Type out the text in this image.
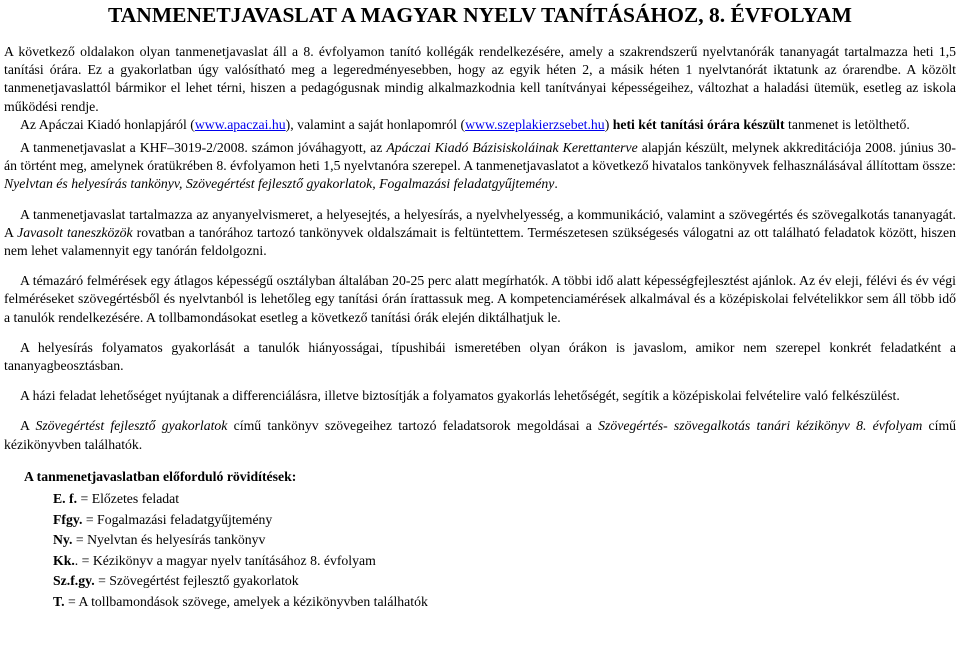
TANMENETJAVASLAT A MAGYAR NYELV TANÍTÁSÁHOZ, 8. ÉVFOLYAM

A következő oldalakon olyan tanmenetjavaslat áll a 8. évfolyamon tanító kollégák rendelkezésére, amely a szakrendszerű nyelvtanórák tananyagát tartalmazza heti 1,5 tanítási órára. Ez a gyakorlatban úgy valósítható meg a legeredményesebben, hogy az egyik héten 2, a másik héten 1 nyelvtanórát iktatunk az órarendbe. A közölt tanmenetjavaslattól bármikor el lehet térni, hiszen a pedagógusnak mindig alkalmazkodnia kell tanítványai képességeihez, változhat a haladási ütemük, esetleg az iskola működési rendje.

Az Apáczai Kiadó honlapjáról (www.apaczai.hu), valamint a saját honlapomról (www.szeplakierzsebet.hu) heti két tanítási órára készült tanmenet is letölthető.

A tanmenetjavaslat a KHF–3019-2/2008. számon jóváhagyott, az Apáczai Kiadó Bázisiskoláinak Kerettanterve alapján készült, melynek akkreditációja 2008. június 30-án történt meg, amelynek óratükrében 8. évfolyamon heti 1,5 nyelvtanóra szerepel. A tanmenetjavaslatot a következő hivatalos tankönyvek felhasználásával állítottam össze: Nyelvtan és helyesírás tankönyv, Szövegértést fejlesztő gyakorlatok, Fogalmazási feladatgyűjtemény.

A tanmenetjavaslat tartalmazza az anyanyelvismeret, a helyesejtés, a helyesírás, a nyelvhelyesség, a kommunikáció, valamint a szövegértés és szövegalkotás tananyagát. A Javasolt taneszközök rovatban a tanórához tartozó tankönyvek oldalszámait is feltüntettem. Természetesen szükségesés válogatni az ott található feladatok között, hiszen nem lehet valamennyit egy tanórán feldolgozni.

A témazáró felmérések egy átlagos képességű osztályban általában 20-25 perc alatt megírhatók. A többi idő alatt képességfejlesztést ajánlok. Az év eleji, félévi és év végi felméréseket szövegértésből és nyelvtanból is lehetőleg egy tanítási órán írattassuk meg. A kompetenciamérések alkalmával és a középiskolai felvételikkor sem áll több idő a tanulók rendelkezésére. A tollbamondásokat esetleg a következő tanítási órák elején diktálhatjuk le.

A helyesírás folyamatos gyakorlását a tanulók hiányosságai, típushibái ismeretében olyan órákon is javaslom, amikor nem szerepel konkrét feladatként a tananyagbeosztásban.

A házi feladat lehetőséget nyújtanak a differenciálásra, illetve biztosítják a folyamatos gyakorlás lehetőségét, segítik a középiskolai felvételire való felkészülést.

A Szövegértést fejlesztő gyakorlatok című tankönyv szövegeihez tartozó feladatsorok megoldásai a Szövegértés- szövegalkotás tanári kézikönyv 8. évfolyam című kézikönyvben találhatók.

A tanmenetjavaslatban előforduló rövidítések:
E. f. = Előzetes feladat
Ffgy. = Fogalmazási feladatgyűjtemény
Ny. = Nyelvtan és helyesírás tankönyv
Kk.. = Kézikönyv a magyar nyelv tanításához 8. évfolyam
Sz.f.gy. = Szövegértést fejlesztő gyakorlatok
T. = A tollbamondások szövege, amelyek a kézikönyvben találhatók
